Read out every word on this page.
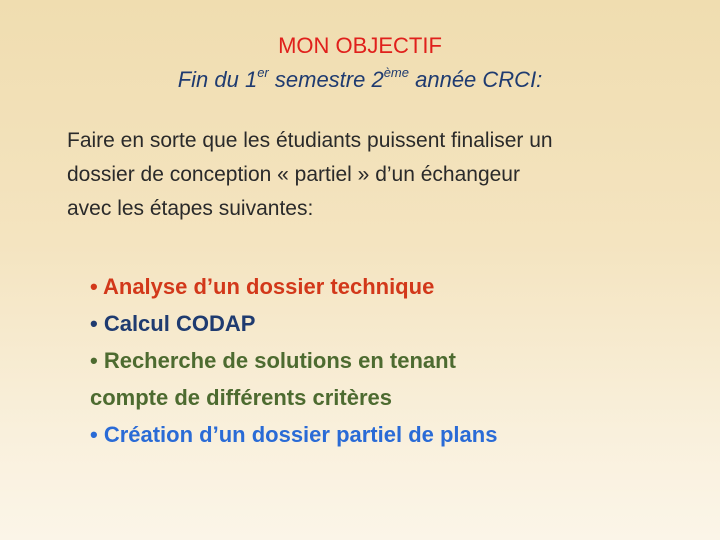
MON OBJECTIF
Fin du 1er semestre 2ème année CRCI:
Faire en sorte que les étudiants puissent finaliser un
dossier de conception « partiel » d’un échangeur
avec les étapes suivantes:
• Analyse d’un dossier technique
• Calcul CODAP
• Recherche de solutions en tenant
compte de différents critères
• Création d’un dossier partiel de plans
